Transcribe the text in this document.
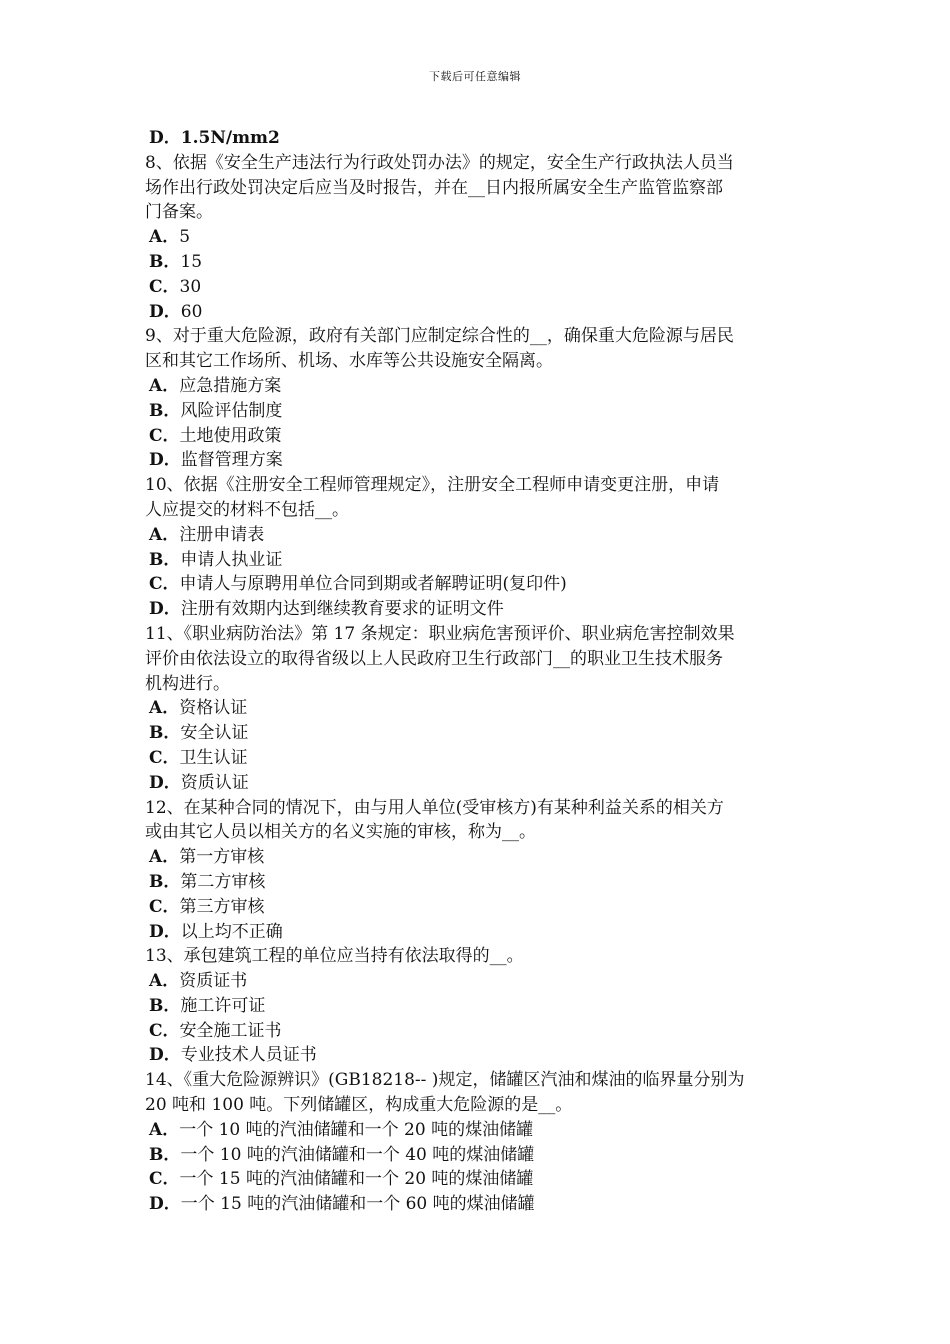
下载后可任意编辑
D．1.5N/mm2
8、依据《安全生产违法行为行政处罚办法》的规定，安全生产行政执法人员当
场作出行政处罚决定后应当及时报告，并在__日内报所属安全生产监管监察部
门备案。
A．5
B．15
C．30
D．60
9、对于重大危险源，政府有关部门应制定综合性的__，确保重大危险源与居民
区和其它工作场所、机场、水库等公共设施安全隔离。
A．应急措施方案
B．风险评估制度
C．土地使用政策
D．监督管理方案
10、依据《注册安全工程师管理规定》，注册安全工程师申请变更注册，申请
人应提交的材料不包括__。
A．注册申请表
B．申请人执业证
C．申请人与原聘用单位合同到期或者解聘证明(复印件)
D．注册有效期内达到继续教育要求的证明文件
11、《职业病防治法》第 17 条规定：职业病危害预评价、职业病危害控制效果
评价由依法设立的取得省级以上人民政府卫生行政部门__的职业卫生技术服务
机构进行。
A．资格认证
B．安全认证
C．卫生认证
D．资质认证
12、在某种合同的情况下，由与用人单位(受审核方)有某种利益关系的相关方
或由其它人员以相关方的名义实施的审核，称为__。
A．第一方审核
B．第二方审核
C．第三方审核
D．以上均不正确
13、承包建筑工程的单位应当持有依法取得的__。
A．资质证书
B．施工许可证
C．安全施工证书
D．专业技术人员证书
14、《重大危险源辨识》(GB18218-- )规定，储罐区汽油和煤油的临界量分别为
20 吨和 100 吨。下列储罐区，构成重大危险源的是__。
A．一个 10 吨的汽油储罐和一个 20 吨的煤油储罐
B．一个 10 吨的汽油储罐和一个 40 吨的煤油储罐
C．一个 15 吨的汽油储罐和一个 20 吨的煤油储罐
D．一个 15 吨的汽油储罐和一个 60 吨的煤油储罐
